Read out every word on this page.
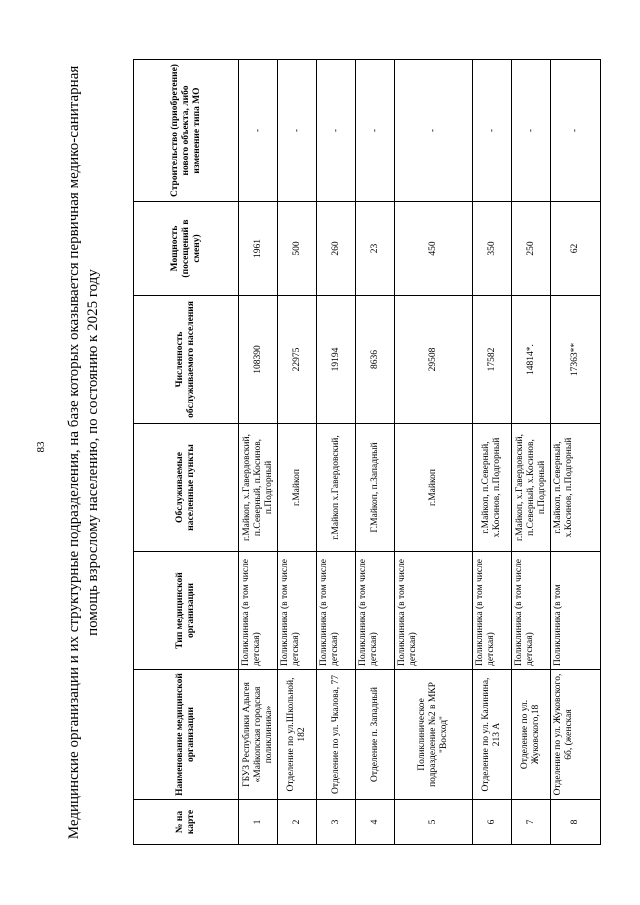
83 Медицинские организации и их структурные подразделения, на базе которых оказывается первичная медико-санитарная помощь взрослому населению, по состоянию к 2025 году
№ на карте	Наименование медицинской организации	Тип медицинской организации	Обслуживаемые населенные пункты	Численность обслуживаемого населения	Мощность (посещений в смену)	Строительство (приобретение) нового объекта, либо изменение типа МО
1	ГБУЗ Республики Адыгея «Майкопская городская поликлиника»	Поликлиника (в том числе детская)	г.Майкоп, х.Гавердовский, п.Северный, п.Косинов, п.Подгорный	108390	1961	-
2	Отделение по ул.Школьной, 182	Поликлиника (в том числе детская)	г.Майкоп	22975	500	-
3	Отделение по ул. Чкалова, 77	Поликлиника (в том числе детская)	г.Майкоп х.Гавердовский,	19194	260	-
4	Отделение п. Западный	Поликлиника (в том числе детская)	Г.Майкоп, п.Западный	8636	23	-
5	Поликлиническое подразделение №2 в МКР "Восход"	Поликлиника (в том числе детская)	г.Майкоп	29508	450	-
6	Отделение по ул. Калинина, 213 А	Поликлиника (в том числе детская)	г.Майкоп, п.Северный, х.Косинов, п.Подгорный	17582	350	-
7	Отделение по ул. Жуковского,18	Поликлиника (в том числе детская)	г.Майкоп, х.Гавердовский, п.Северный, х.Косинов, п.Подгорный	14814*.	250	-
8	Отделение по ул. Жуковского, 6б, (женская	Поликлиника (в том	г.Майкоп, п.Северный, х.Косинов, п.Подгорный	17363**	62	-
